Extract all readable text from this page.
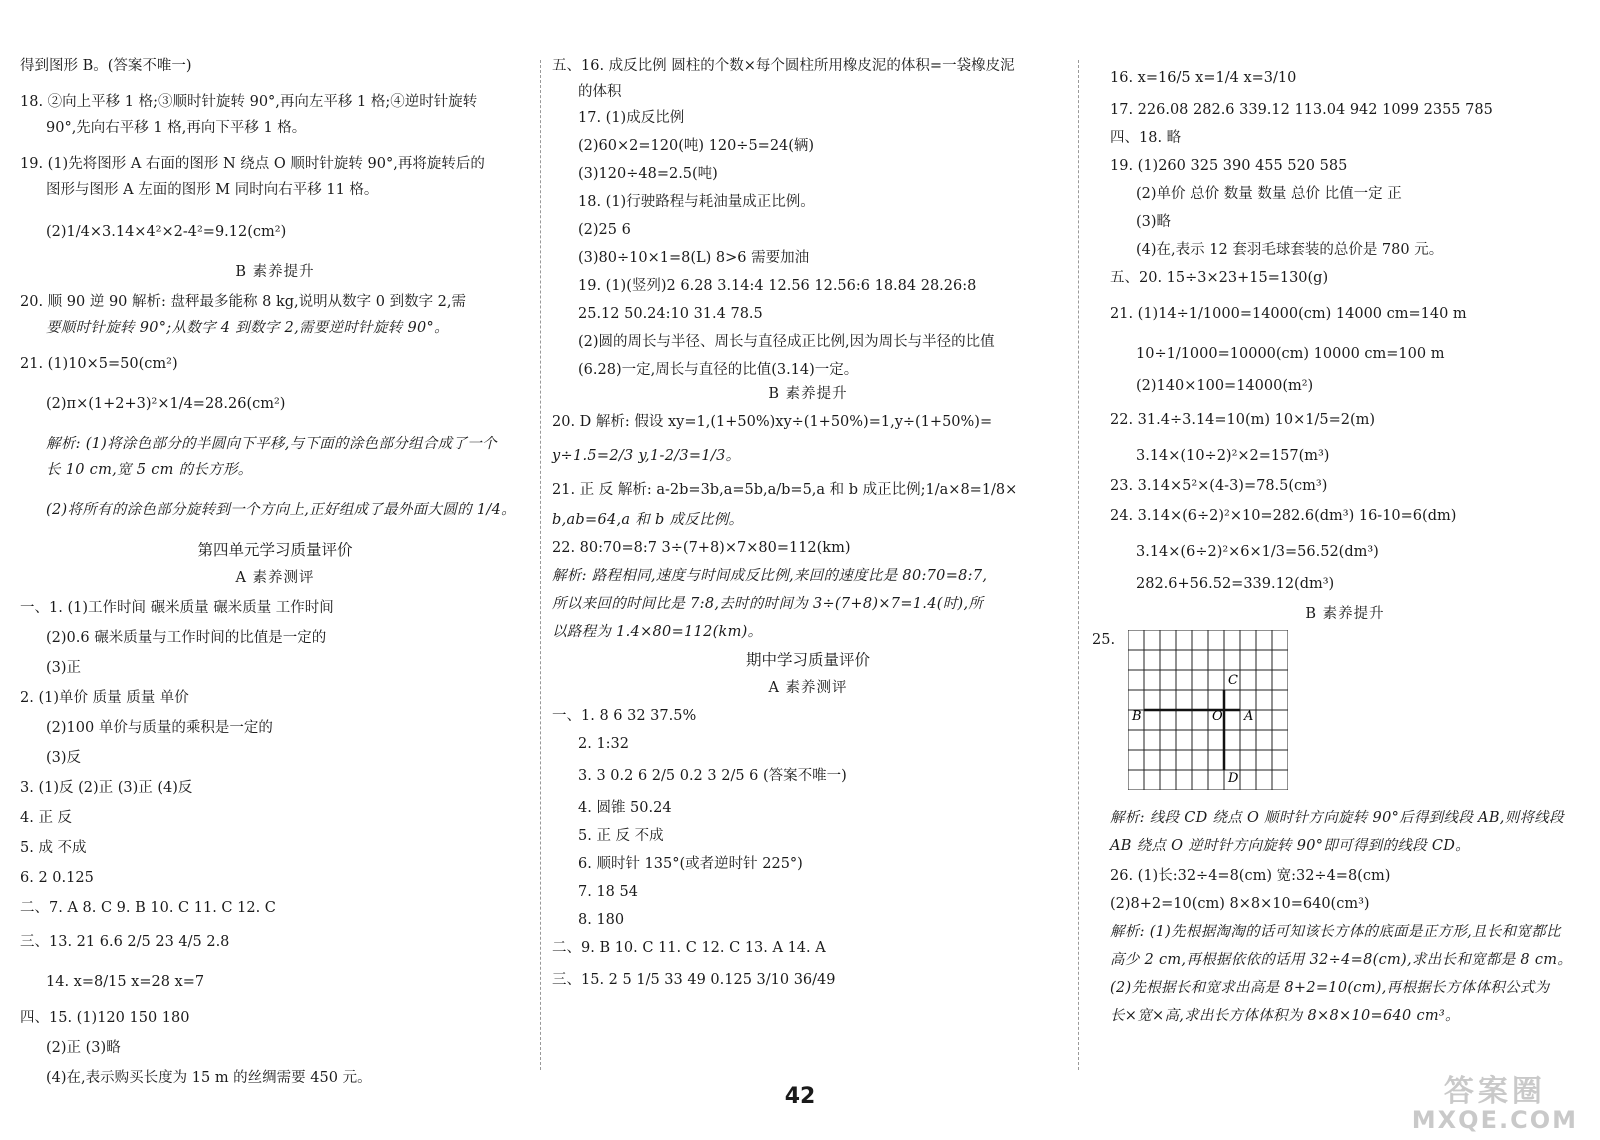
得到图形 B。(答案不唯一)
18. ②向上平移 1 格;③顺时针旋转 90°,再向左平移 1 格;④逆时针旋转
90°,先向右平移 1 格,再向下平移 1 格。
19. (1)先将图形 A 右面的图形 N 绕点 O 顺时针旋转 90°,再将旋转后的
图形与图形 A 左面的图形 M 同时向右平移 11 格。
(2)1/4×3.14×4²×2-4²=9.12(cm²)
B 素养提升
20. 顺 90 逆 90 解析: 盘秤最多能称 8 kg,说明从数字 0 到数字 2,需
要顺时针旋转 90°;从数字 4 到数字 2,需要逆时针旋转 90°。
21. (1)10×5=50(cm²)
(2)π×(1+2+3)²×1/4=28.26(cm²)
解析: (1)将涂色部分的半圆向下平移,与下面的涂色部分组合成了一个
长 10 cm,宽 5 cm 的长方形。
(2)将所有的涂色部分旋转到一个方向上,正好组成了最外面大圆的 1/4。
第四单元学习质量评价
A 素养测评
一、1. (1)工作时间 碾米质量 碾米质量 工作时间
(2)0.6 碾米质量与工作时间的比值是一定的
(3)正
2. (1)单价 质量 质量 单价
(2)100 单价与质量的乘积是一定的
(3)反
3. (1)反 (2)正 (3)正 (4)反
4. 正 反
5. 成 不成
6. 2 0.125
二、7. A 8. C 9. B 10. C 11. C 12. C
三、13. 21 6.6 2/5 23 4/5 2.8
14. x=8/15 x=28 x=7
四、15. (1)120 150 180
(2)正 (3)略
(4)在,表示购买长度为 15 m 的丝绸需要 450 元。
五、16. 成反比例 圆柱的个数×每个圆柱所用橡皮泥的体积=一袋橡皮泥
的体积
17. (1)成反比例
(2)60×2=120(吨) 120÷5=24(辆)
(3)120÷48=2.5(吨)
18. (1)行驶路程与耗油量成正比例。
(2)25 6
(3)80÷10×1=8(L) 8>6 需要加油
19. (1)(竖列)2 6.28 3.14:4 12.56 12.56:6 18.84 28.26:8
25.12 50.24:10 31.4 78.5
(2)圆的周长与半径、周长与直径成正比例,因为周长与半径的比值
(6.28)一定,周长与直径的比值(3.14)一定。
B 素养提升
20. D 解析: 假设 xy=1,(1+50%)xy÷(1+50%)=1,y÷(1+50%)=
y÷1.5=2/3 y,1-2/3=1/3。
21. 正 反 解析: a-2b=3b,a=5b,a/b=5,a 和 b 成正比例;1/a×8=1/8×
b,ab=64,a 和 b 成反比例。
22. 80:70=8:7 3÷(7+8)×7×80=112(km)
解析: 路程相同,速度与时间成反比例,来回的速度比是 80:70=8:7,
所以来回的时间比是 7:8,去时的时间为 3÷(7+8)×7=1.4(时),所
以路程为 1.4×80=112(km)。
期中学习质量评价
A 素养测评
一、1. 8 6 32 37.5%
2. 1:32
3. 3 0.2 6 2/5 0.2 3 2/5 6 (答案不唯一)
4. 圆锥 50.24
5. 正 反 不成
6. 顺时针 135°(或者逆时针 225°)
7. 18 54
8. 180
二、9. B 10. C 11. C 12. C 13. A 14. A
三、15. 2 5 1/5 33 49 0.125 3/10 36/49
16. x=16/5 x=1/4 x=3/10
17. 226.08 282.6 339.12 113.04 942 1099 2355 785
四、18. 略
19. (1)260 325 390 455 520 585
(2)单价 总价 数量 数量 总价 比值一定 正
(3)略
(4)在,表示 12 套羽毛球套装的总价是 780 元。
五、20. 15÷3×23+15=130(g)
21. (1)14÷1/1000=14000(cm) 14000 cm=140 m
10÷1/1000=10000(cm) 10000 cm=100 m
(2)140×100=14000(m²)
22. 31.4÷3.14=10(m) 10×1/5=2(m)
3.14×(10÷2)²×2=157(m³)
23. 3.14×5²×(4-3)=78.5(cm³)
24. 3.14×(6÷2)²×10=282.6(dm³) 16-10=6(dm)
3.14×(6÷2)²×6×1/3=56.52(dm³)
282.6+56.52=339.12(dm³)
B 素养提升
25.
C
B	O A
D
解析: 线段 CD 绕点 O 顺时针方向旋转 90°后得到线段 AB,则将线段
AB 绕点 O 逆时针方向旋转 90°即可得到的线段 CD。
26. (1)长:32÷4=8(cm) 宽:32÷4=8(cm)
(2)8+2=10(cm) 8×8×10=640(cm³)
解析: (1)先根据淘淘的话可知该长方体的底面是正方形,且长和宽都比
高少 2 cm,再根据依依的话用 32÷4=8(cm),求出长和宽都是 8 cm。
(2)先根据长和宽求出高是 8+2=10(cm),再根据长方体体积公式为
长×宽×高,求出长方体体积为 8×8×10=640 cm³。
42	答案圈
MXQE.COM
